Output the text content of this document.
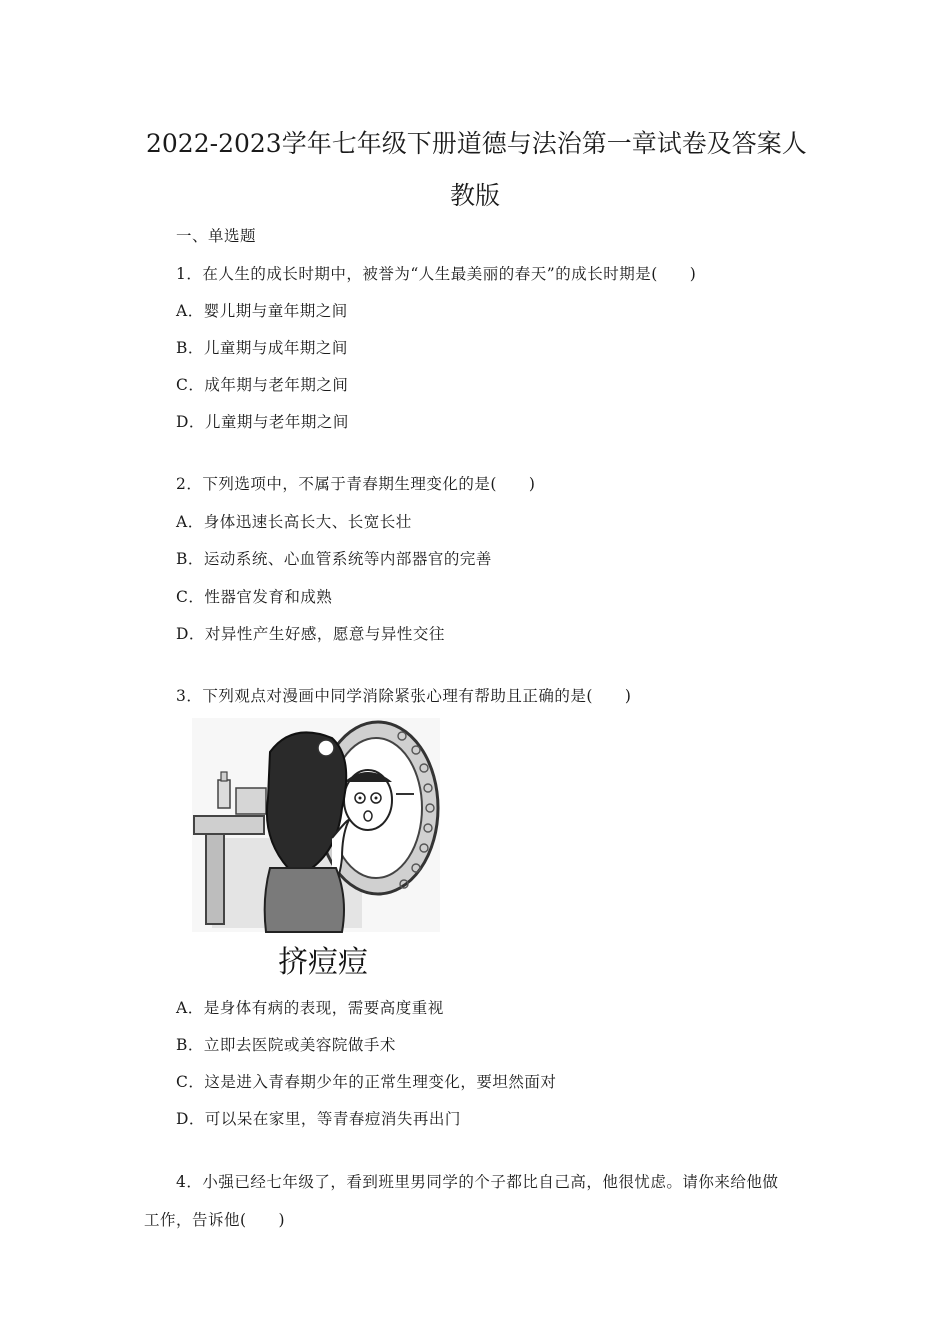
2022-2023学年七年级下册道德与法治第一章试卷及答案人
教版
一、单选题
1．在人生的成长时期中，被誉为“人生最美丽的春天”的成长时期是(　　)
A．婴儿期与童年期之间
B．儿童期与成年期之间
C．成年期与老年期之间
D．儿童期与老年期之间
2．下列选项中，不属于青春期生理变化的是(　　)
A．身体迅速长高长大、长宽长壮
B．运动系统、心血管系统等内部器官的完善
C．性器官发育和成熟
D．对异性产生好感，愿意与异性交往
3．下列观点对漫画中同学消除紧张心理有帮助且正确的是(　　)
挤痘痘
A．是身体有病的表现，需要高度重视
B．立即去医院或美容院做手术
C．这是进入青春期少年的正常生理变化，要坦然面对
D．可以呆在家里，等青春痘消失再出门
4．小强已经七年级了，看到班里男同学的个子都比自己高，他很忧虑。请你来给他做
工作，告诉他(　　)
